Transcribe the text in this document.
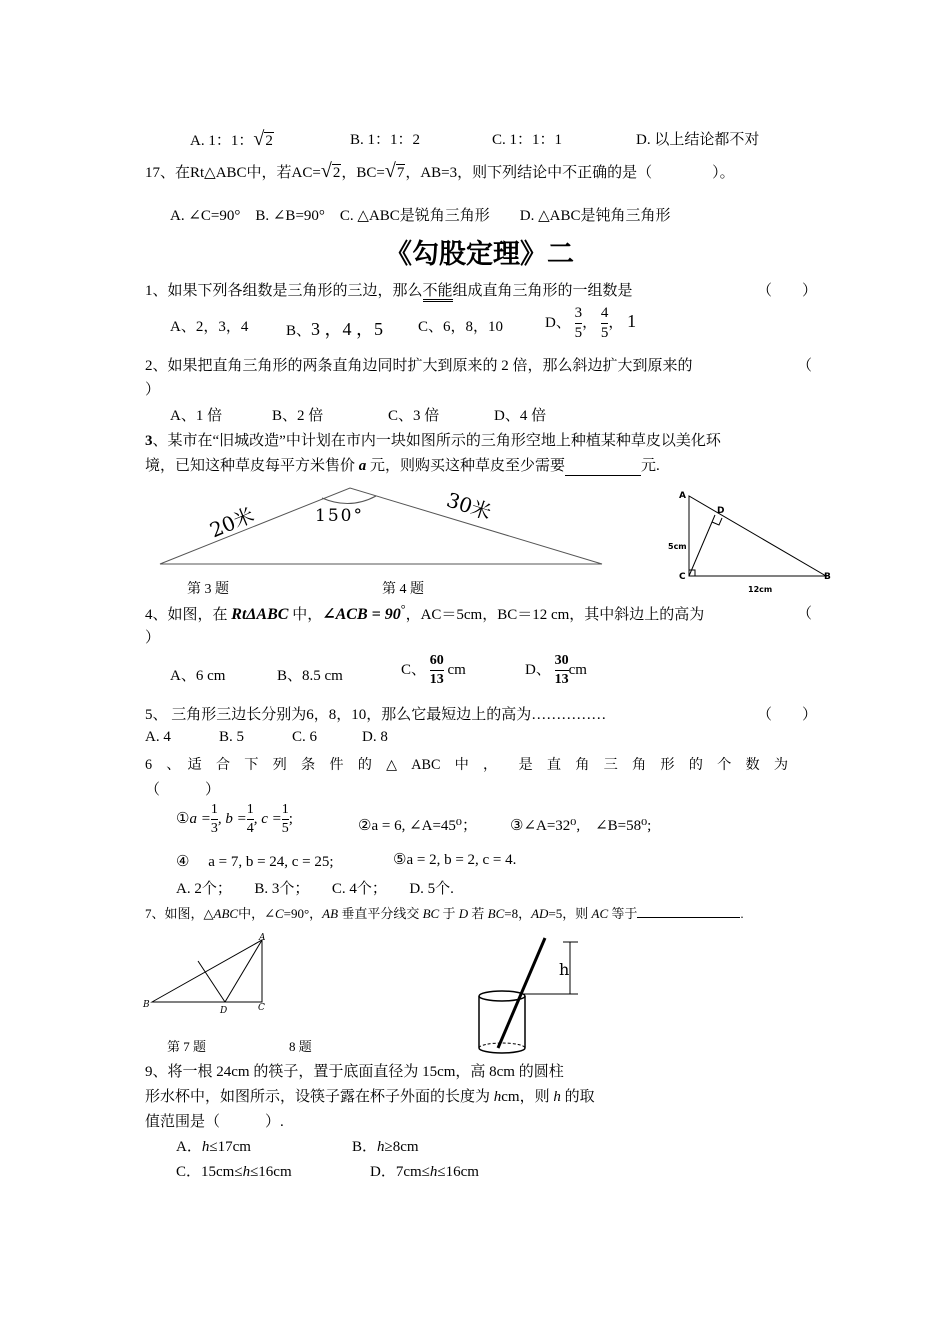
A. 1：1：√2	B. 1：1：2	C. 1：1：1	D. 以上结论都不对
17、在Rt△ABC中，若AC=√2，BC=√7，AB=3，则下列结论中不正确的是（　　　　）。
A. ∠C=90°　B. ∠B=90°　C. △ABC是锐角三角形　　D. △ABC是钝角三角形
《勾股定理》二
1、如果下列各组数是三角形的三边，那么不能组成直角三角形的一组数是	（　　）
A、2，3，4	B、3 ，4 ，5 C、6，8，10	D、 $\frac{3}{5}$ ， $\frac{4}{5}$ ， 1
2、如果把直角三角形的两条直角边同时扩大到原来的 2 倍，那么斜边扩大到原来的	（
）
A、1 倍	B、2 倍	C、3 倍	D、4 倍
3、某市在“旧城改造”中计划在市内一块如图所示的三角形空地上种植某种草皮以美化环
境，已知这种草皮每平方米售价 a 元，则购买这种草皮至少需要　　　　　	元.
20米	150°	30米
第 3 题	第 4 题
A
D
5cm
C
12cm
B
4、如图，在 RtΔABC 中，∠ACB = 90°，AC＝5cm，BC＝12 cm，其中斜边上的高为	（
）
A、6 cm	B、8.5 cm	C、 $\frac{60}{13}$ cm	D、 $\frac{30}{13}$ cm
5、 三角形三边长分别为6，8，10，那么它最短边上的高为……………	（　　）
A. 4	B. 5	C. 6	D. 8
6　、　适　合　下　列　条　件　的　△　ABC　中　，　　是　直　角　三　角　形　的　个　数　为
（　　　）
①a = $\frac{1}{3}$ , $b = \frac{1}{4}$ , $c = \frac{1}{5}$ ;	②a = 6, ∠A=45⁰； ③∠A=32⁰,　∠B=58⁰;
④　 a = 7, b = 24, c = 25;	⑤a = 2, b = 2, c = 4.
A. 2个；　　B. 3个；　　C. 4个；　　D. 5个.
7、如图，△ABC中，∠C=90°，AB 垂直平分线交 BC 于 D 若 BC=8，AD=5，则 AC 等于	.
A
B
D	C
第 7 题	8 题
h
9、将一根 24cm 的筷子，置于底面直径为 15cm，高 8cm 的圆柱
形水杯中，如图所示，设筷子露在杯子外面的长度为 hcm，则 h 的取
值范围是（　　　）.
A．h≤17cm	B．h≥8cm
C．15cm≤h≤16cm	D．7cm≤h≤16cm
